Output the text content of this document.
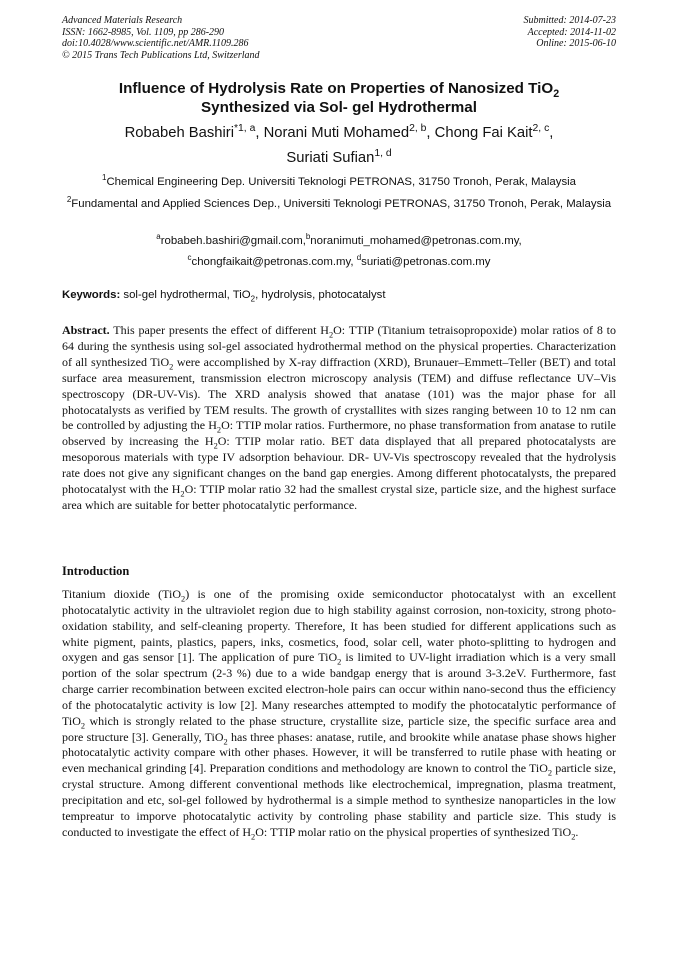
Advanced Materials Research
ISSN: 1662-8985, Vol. 1109, pp 286-290
doi:10.4028/www.scientific.net/AMR.1109.286
© 2015 Trans Tech Publications Ltd, Switzerland
Submitted: 2014-07-23
Accepted: 2014-11-02
Online: 2015-06-10
Influence of Hydrolysis Rate on Properties of Nanosized TiO$_2$
Synthesized via Sol- gel Hydrothermal
Robabeh Bashiri$^{*1, a}$, Norani Muti Mohamed$^{2, b}$, Chong Fai Kait$^{2, c}$,
Suriati Sufian$^{1, d}$
$^1$Chemical Engineering Dep. Universiti Teknologi PETRONAS, 31750 Tronoh, Perak, Malaysia
$^2$Fundamental and Applied Sciences Dep., Universiti Teknologi PETRONAS, 31750 Tronoh, Perak, Malaysia
$^a$robabeh.bashiri@gmail.com,$^b$noranimuti_mohamed@petronas.com.my,
$^c$chongfaikait@petronas.com.my, $^d$suriati@petronas.com.my
Keywords: sol-gel hydrothermal, TiO$_2$, hydrolysis, photocatalyst
Abstract. This paper presents the effect of different $H_2O$: TTIP (Titanium tetraisopropoxide) molar ratios of 8 to 64 during the synthesis using sol-gel associated hydrothermal method on the physical properties. Characterization of all synthesized TiO$_2$ were accomplished by X-ray diffraction (XRD), Brunauer–Emmett–Teller (BET) and total surface area measurement, transmission electron microscopy analysis (TEM) and diffuse reflectance UV–Vis spectroscopy (DR-UV-Vis). The XRD analysis showed that anatase (101) was the major phase for all photocatalysts as verified by TEM results. The growth of crystallites with sizes ranging between 10 to 12 nm can be controlled by adjusting the $H_2O$: TTIP molar ratios. Furthermore, no phase transformation from anatase to rutile observed by increasing the $H_2O$: TTIP molar ratio. BET data displayed that all prepared photocatalysts are mesoporous materials with type IV adsorption behaviour. DR- UV-Vis spectroscopy revealed that the hydrolysis rate does not give any significant changes on the band gap energies. Among different photocatalysts, the prepared photocatalyst with the $H_2O$: TTIP molar ratio 32 had the smallest crystal size, particle size, and the highest surface area which are suitable for better photocatalytic performance.
Introduction
Titanium dioxide (TiO$_2$) is one of the promising oxide semiconductor photocatalyst with an excellent photocatalytic activity in the ultraviolet region due to high stability against corrosion, non-toxicity, strong photo-oxidation stability, and self-cleaning property. Therefore, It has been studied for different applications such as white pigment, paints, plastics, papers, inks, cosmetics, food, solar cell, water photo-splitting to hydrogen and oxygen and gas sensor [1]. The application of pure TiO$_2$ is limited to UV-light irradiation which is a very small portion of the solar spectrum (2-3 %) due to a wide bandgap energy that is around 3-3.2eV. Furthermore, fast charge carrier recombination between excited electron-hole pairs can occur within nano-second thus the efficiency of the photocatalytic activity is low [2]. Many researches attempted to modify the photocatalytic performance of TiO$_2$ which is strongly related to the phase structure, crystallite size, particle size, the specific surface area and pore structure [3]. Generally, TiO$_2$ has three phases: anatase, rutile, and brookite while anatase phase shows higher photocatalytic activity compare with other phases. However, it will be transferred to rutile phase with heating or even mechanical grinding [4]. Preparation conditions and methodology are known to control the TiO$_2$ particle size, crystal structure. Among different conventional methods like electrochemical, impregnation, plasma treatment, precipitation and etc, sol-gel followed by hydrothermal is a simple method to synthesize nanoparticles in the low tempreatur to imporve photocatalytic activity by controling phase stability and particle size. This study is conducted to investigate the effect of $H_2O$: TTIP molar ratio on the physical properties of synthesized TiO$_2$.
